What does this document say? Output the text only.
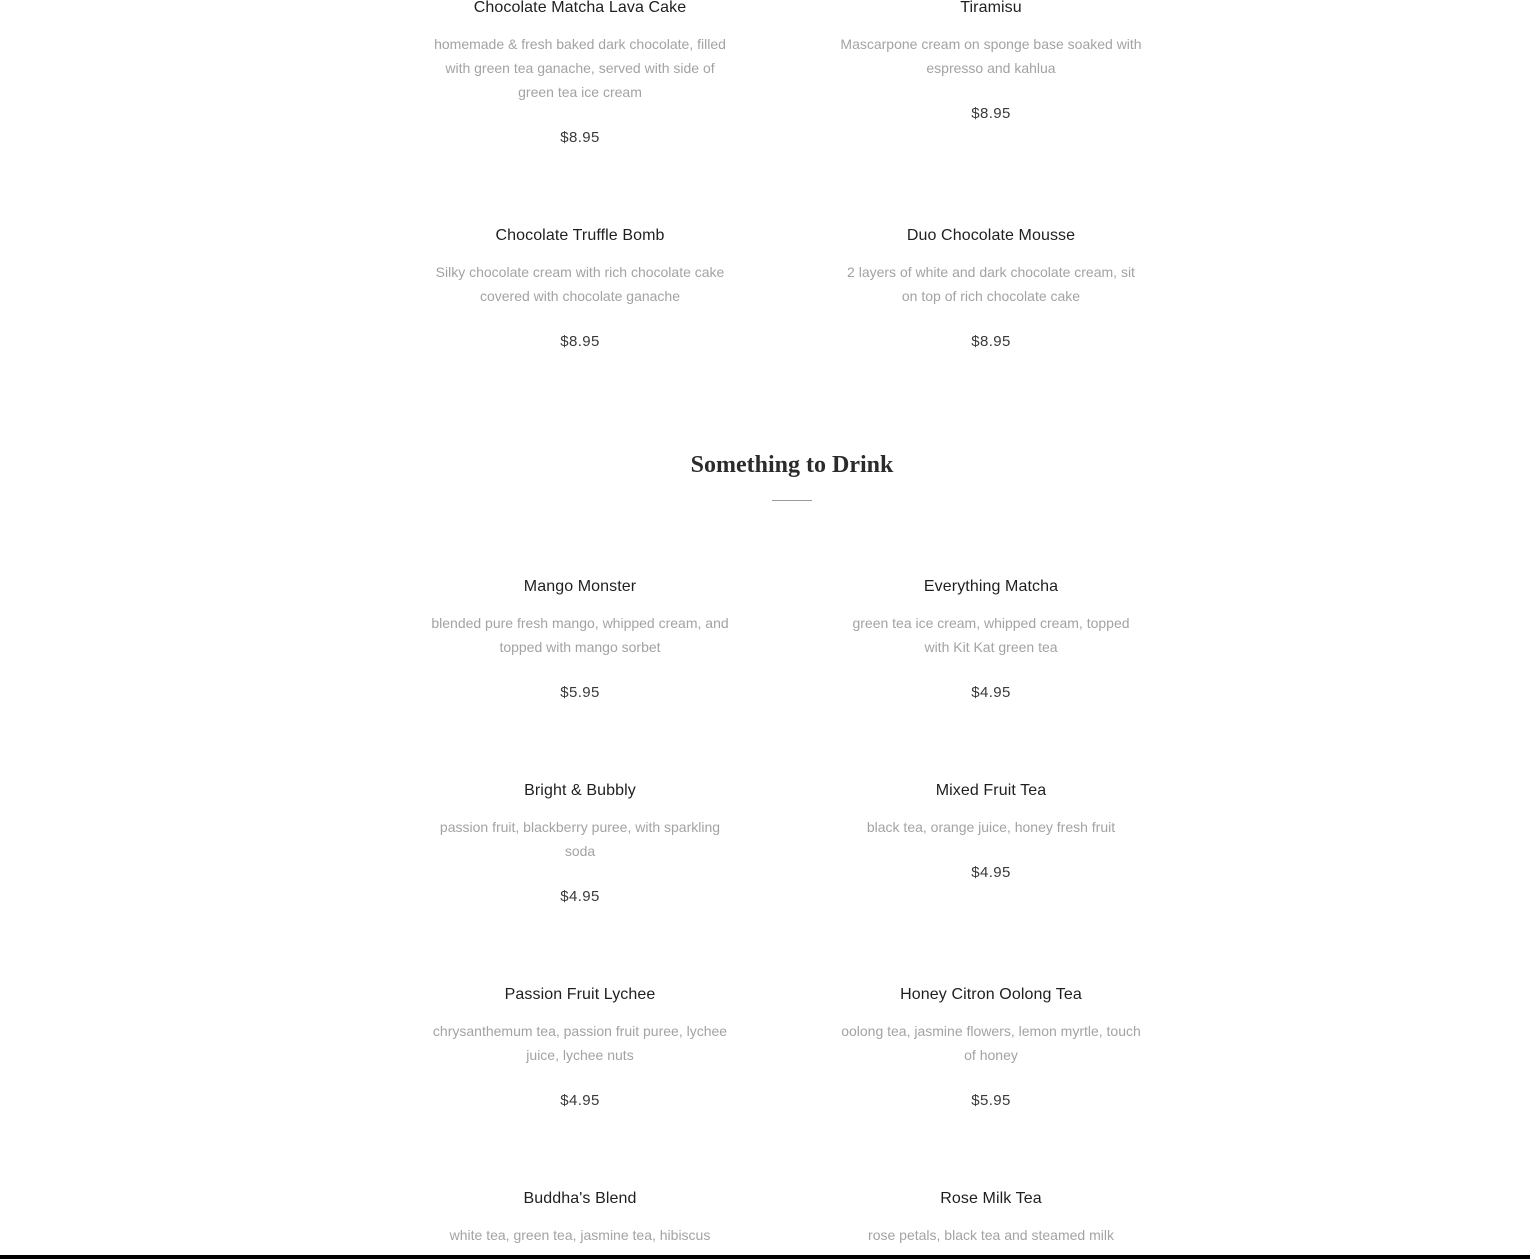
Chocolate Matcha Lava Cake
homemade & fresh baked dark chocolate, filled with green tea ganache, served with side of green tea ice cream
$8.95
Tiramisu
Mascarpone cream on sponge base soaked with espresso and kahlua
$8.95
Chocolate Truffle Bomb
Silky chocolate cream with rich chocolate cake covered with chocolate ganache
$8.95
Duo Chocolate Mousse
2 layers of white and dark chocolate cream, sit on top of rich chocolate cake
$8.95
Something to Drink
Mango Monster
blended pure fresh mango, whipped cream, and topped with mango sorbet
$5.95
Everything Matcha
green tea ice cream, whipped cream, topped with Kit Kat green tea
$4.95
Bright & Bubbly
passion fruit, blackberry puree, with sparkling soda
$4.95
Mixed Fruit Tea
black tea, orange juice, honey fresh fruit
$4.95
Passion Fruit Lychee
chrysanthemum tea, passion fruit puree, lychee juice, lychee nuts
$4.95
Honey Citron Oolong Tea
oolong tea, jasmine flowers, lemon myrtle, touch of honey
$5.95
Buddha's Blend
white tea, green tea, jasmine tea, hibiscus
Rose Milk Tea
rose petals, black tea and steamed milk
